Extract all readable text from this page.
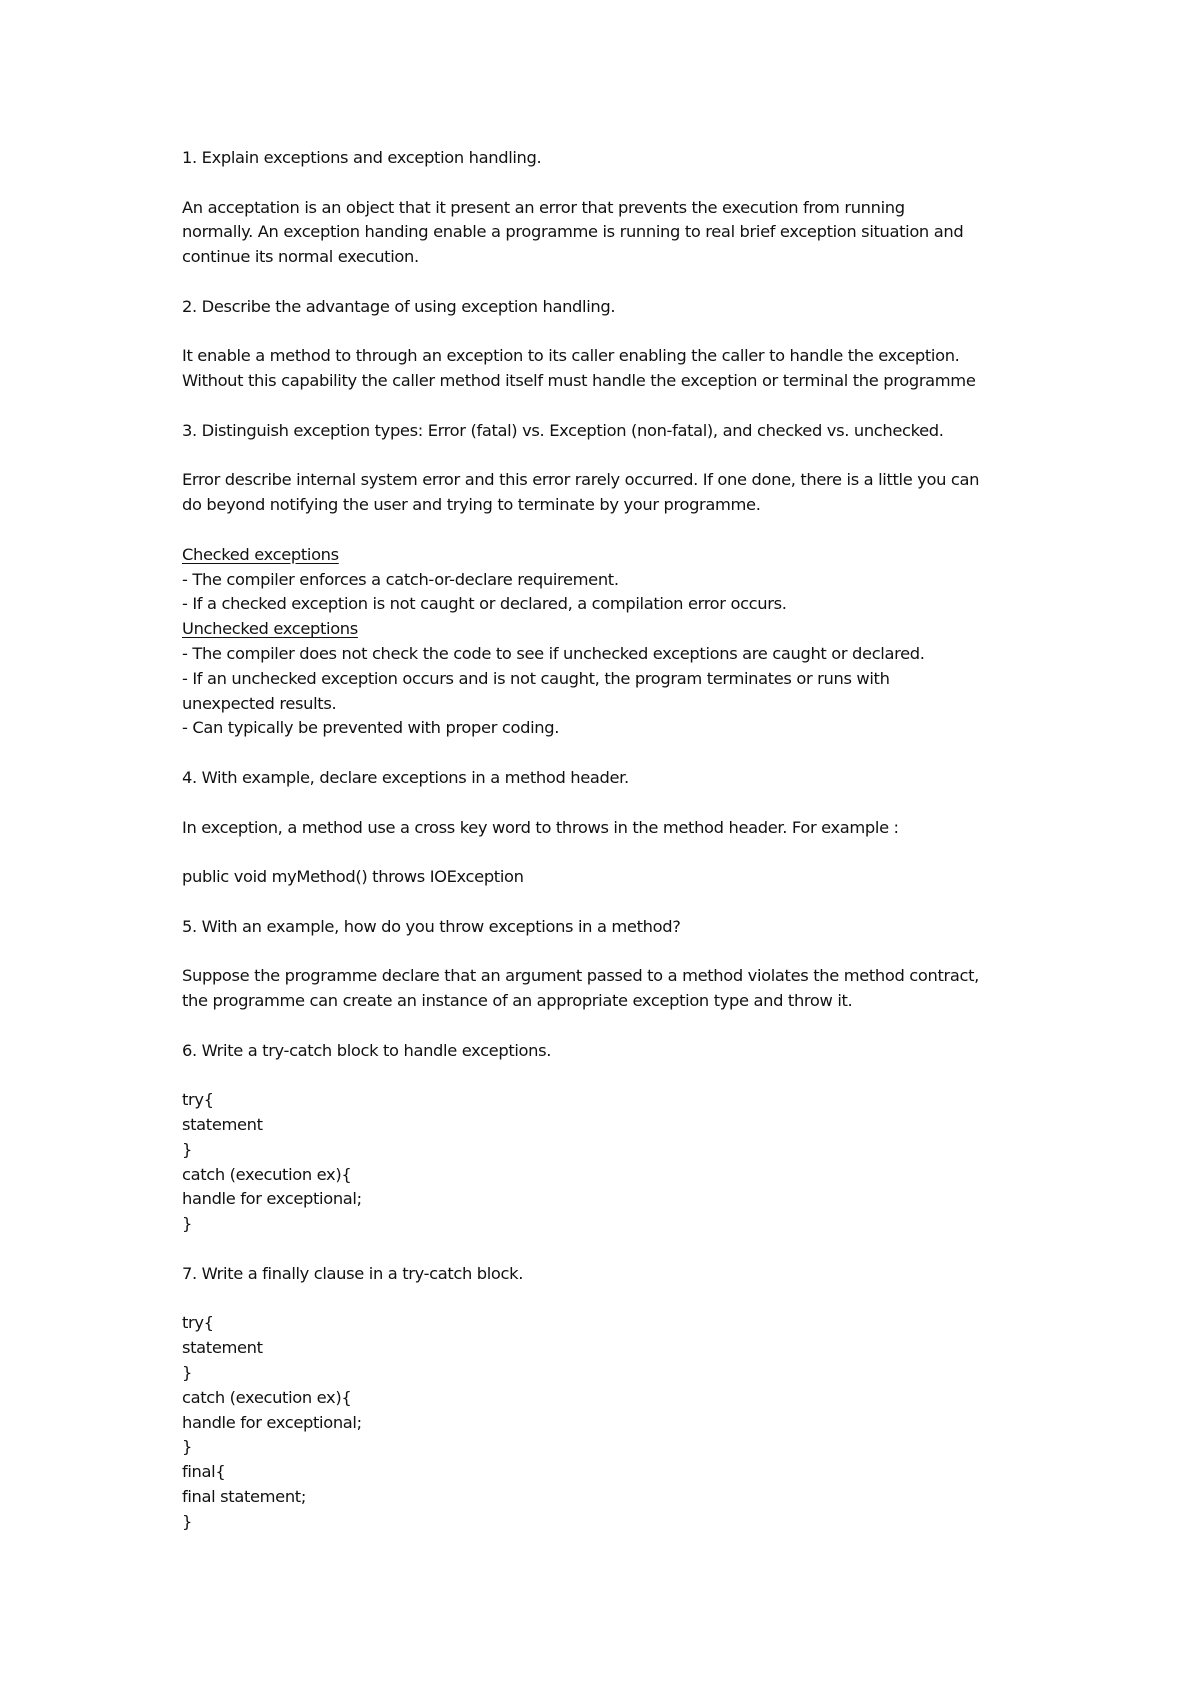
1. Explain exceptions and exception handling.
An acceptation is an object that it present an error that prevents the execution from running
normally. An exception handing enable a programme is running to real brief exception situation and
continue its normal execution.
2. Describe the advantage of using exception handling.
It enable a method to through an exception to its caller enabling the caller to handle the exception.
Without this capability the caller method itself must handle the exception or terminal the programme
3. Distinguish exception types: Error (fatal) vs. Exception (non-fatal), and checked vs. unchecked.
Error describe internal system error and this error rarely occurred. If one done, there is a little you can
do beyond notifying the user and trying to terminate by your programme.
Checked exceptions
- The compiler enforces a catch-or-declare requirement.
- If a checked exception is not caught or declared, a compilation error occurs.
Unchecked exceptions
- The compiler does not check the code to see if unchecked exceptions are caught or declared.
- If an unchecked exception occurs and is not caught, the program terminates or runs with
unexpected results.
- Can typically be prevented with proper coding.
4. With example, declare exceptions in a method header.
In exception, a method use a cross key word to throws in the method header. For example :
public void myMethod() throws IOException
5. With an example, how do you throw exceptions in a method?
Suppose the programme declare that an argument passed to a method violates the method contract,
the programme can create an instance of an appropriate exception type and throw it.
6. Write a try-catch block to handle exceptions.
try{
statement
}
catch (execution ex){
handle for exceptional;
}
7. Write a finally clause in a try-catch block.
try{
statement
}
catch (execution ex){
handle for exceptional;
}
final{
final statement;
}
